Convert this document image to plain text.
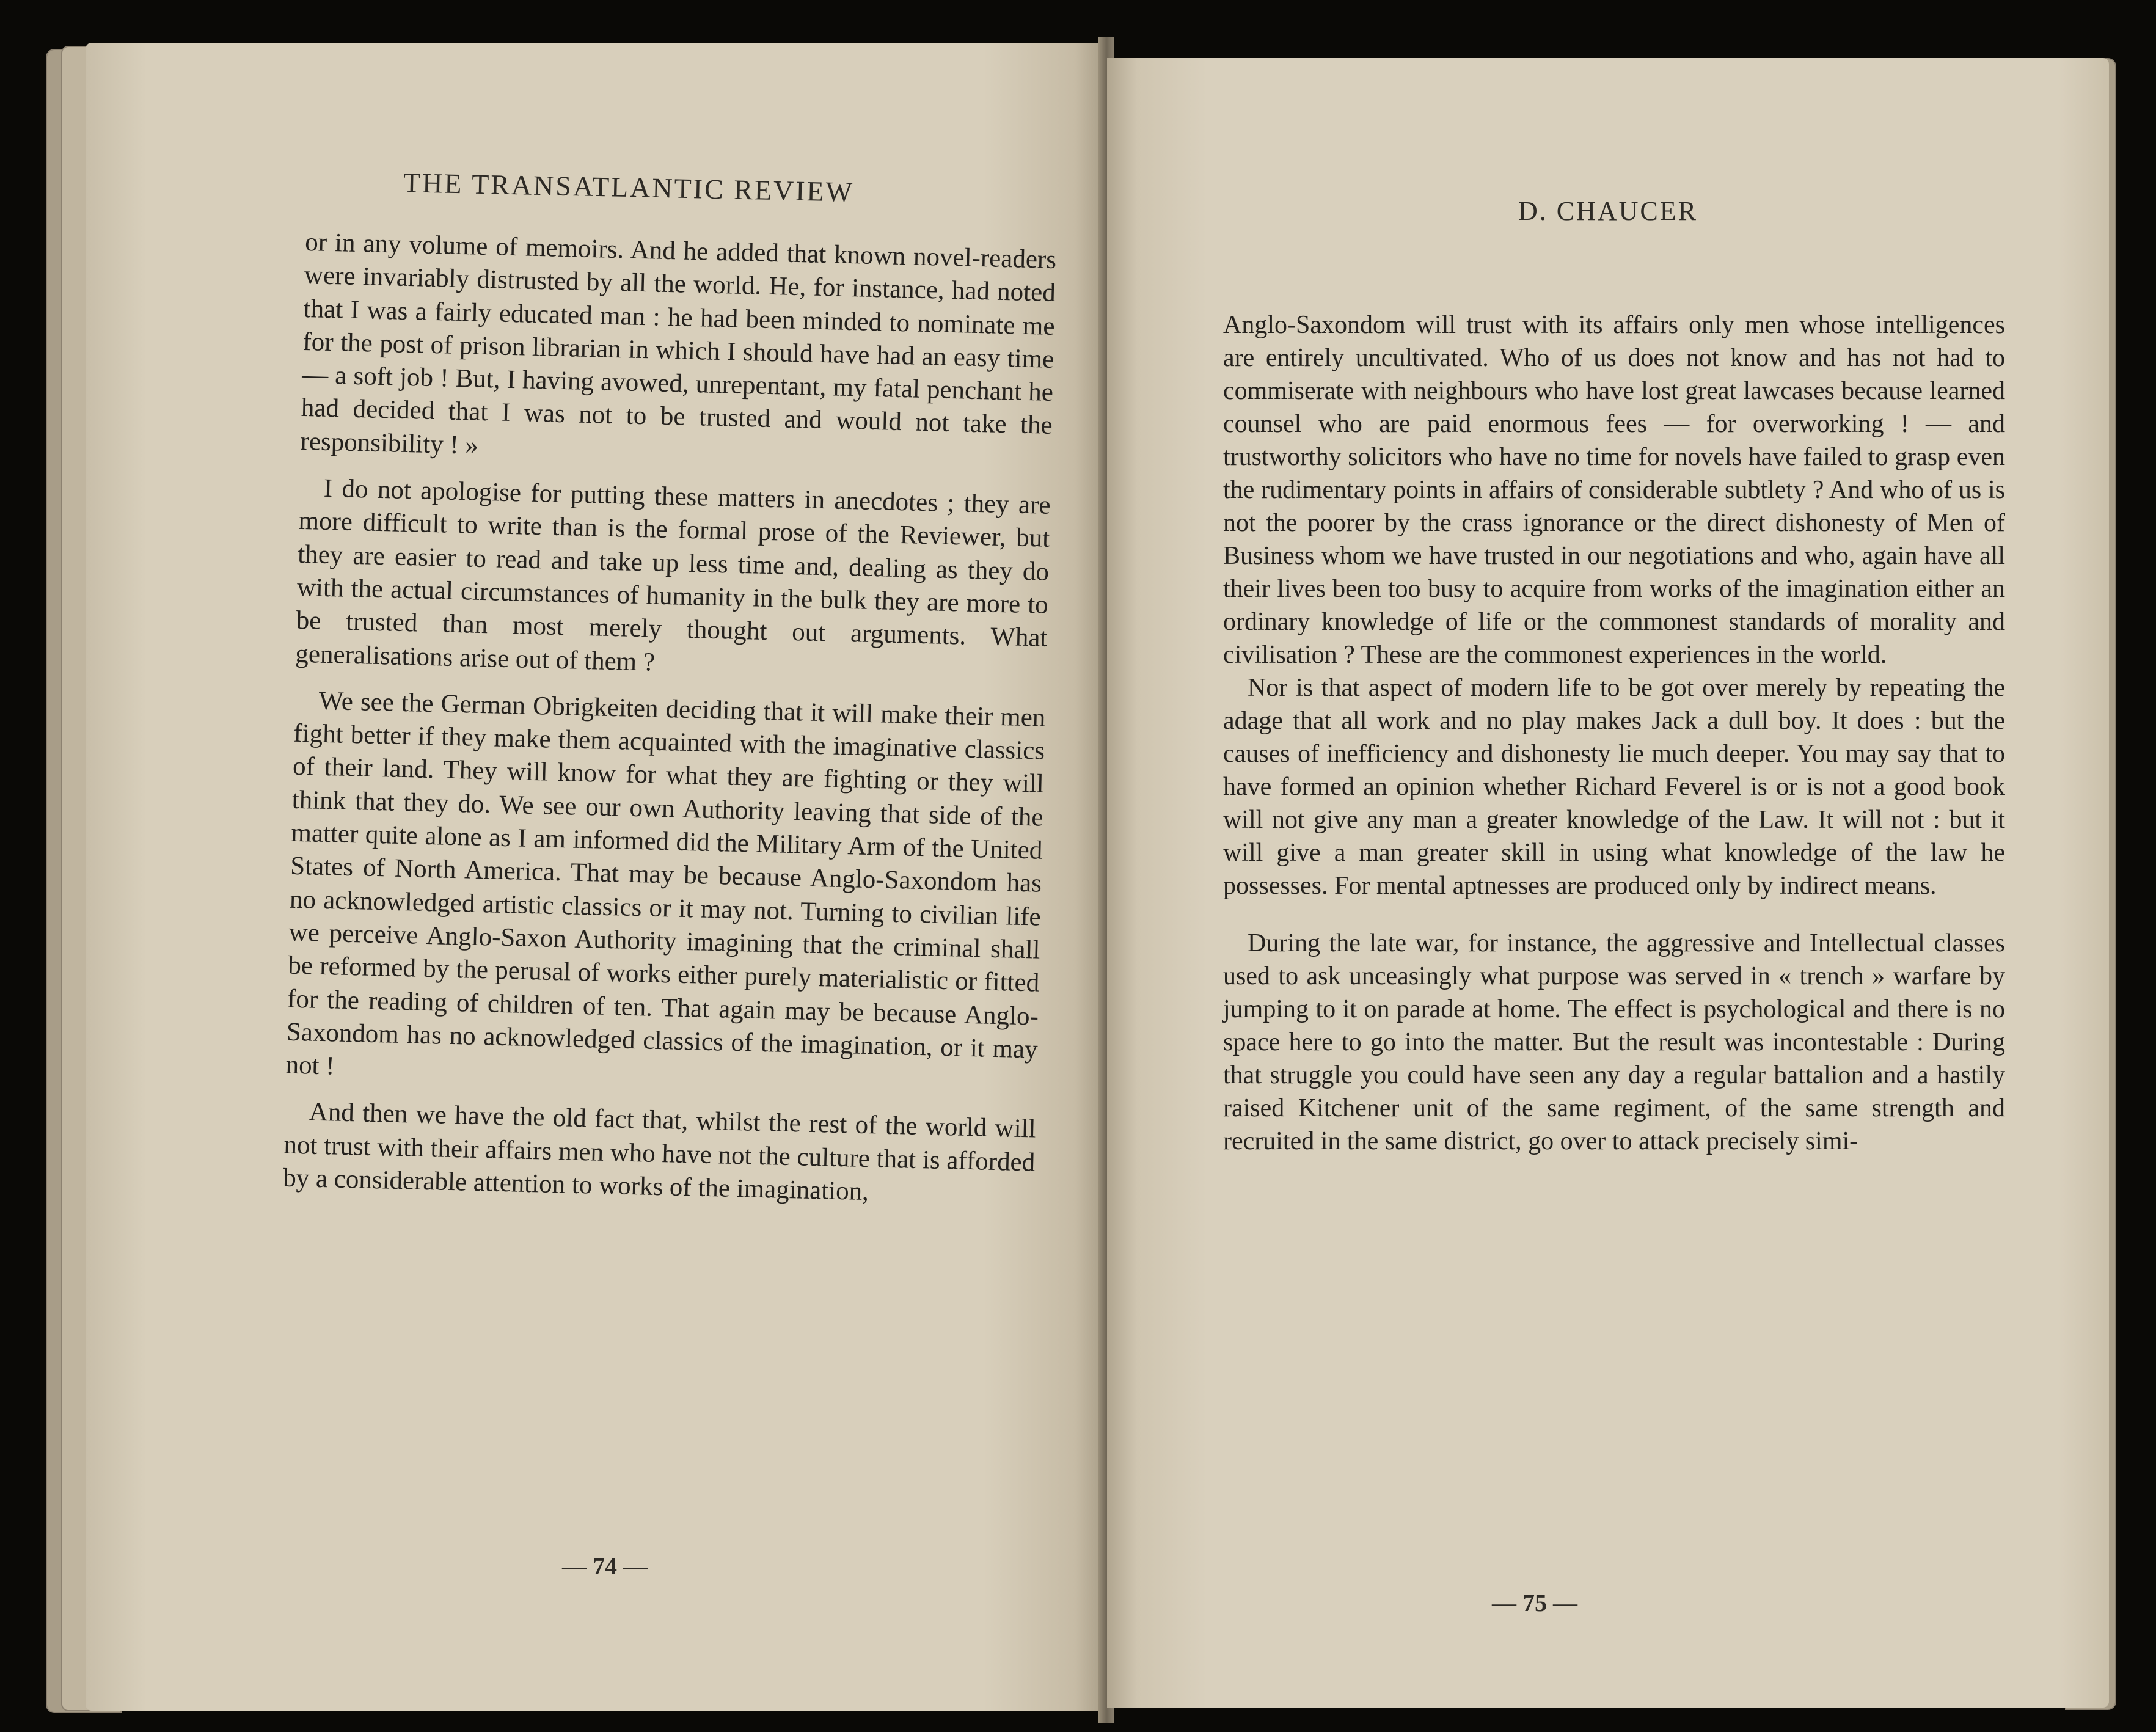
THE TRANSATLANTIC REVIEW

or in any volume of memoirs. And he added that known novel-readers were invariably distrusted by all the world. He, for instance, had noted that I was a fairly educated man : he had been minded to nominate me for the post of prison librarian in which I should have had an easy time — a soft job ! But, I having avowed, unrepentant, my fatal penchant he had decided that I was not to be trusted and would not take the responsibility ! »

I do not apologise for putting these matters in anecdotes ; they are more difficult to write than is the formal prose of the Reviewer, but they are easier to read and take up less time and, dealing as they do with the actual circumstances of humanity in the bulk they are more to be trusted than most merely thought out arguments. What generalisations arise out of them ?

We see the German Obrigkeiten deciding that it will make their men fight better if they make them acquainted with the imaginative classics of their land. They will know for what they are fighting or they will think that they do. We see our own Authority leaving that side of the matter quite alone as I am informed did the Military Arm of the United States of North America. That may be because Anglo-Saxondom has no acknowledged artistic classics or it may not. Turning to civilian life we perceive Anglo-Saxon Authority imagining that the criminal shall be reformed by the perusal of works either purely materialistic or fitted for the reading of children of ten. That again may be because Anglo-Saxondom has no acknowledged classics of the imagination, or it may not !

And then we have the old fact that, whilst the rest of the world will not trust with their affairs men who have not the culture that is afforded by a considerable attention to works of the imagination,

— 74 —
D. CHAUCER

Anglo-Saxondom will trust with its affairs only men whose intelligences are entirely uncultivated. Who of us does not know and has not had to commiserate with neighbours who have lost great lawcases because learned counsel who are paid enormous fees — for overworking ! — and trustworthy solicitors who have no time for novels have failed to grasp even the rudimentary points in affairs of considerable subtlety ? And who of us is not the poorer by the crass ignorance or the direct dishonesty of Men of Business whom we have trusted in our negotiations and who, again have all their lives been too busy to acquire from works of the imagination either an ordinary knowledge of life or the commonest standards of morality and civilisation ? These are the commonest experiences in the world.

Nor is that aspect of modern life to be got over merely by repeating the adage that all work and no play makes Jack a dull boy. It does : but the causes of inefficiency and dishonesty lie much deeper. You may say that to have formed an opinion whether Richard Feverel is or is not a good book will not give any man a greater knowledge of the Law. It will not : but it will give a man greater skill in using what knowledge of the law he possesses. For mental aptnesses are produced only by indirect means.

During the late war, for instance, the aggressive and Intellectual classes used to ask unceasingly what purpose was served in « trench » warfare by jumping to it on parade at home. The effect is psychological and there is no space here to go into the matter. But the result was incontestable : During that struggle you could have seen any day a regular battalion and a hastily raised Kitchener unit of the same regiment, of the same strength and recruited in the same district, go over to attack precisely simi-

— 75 —
